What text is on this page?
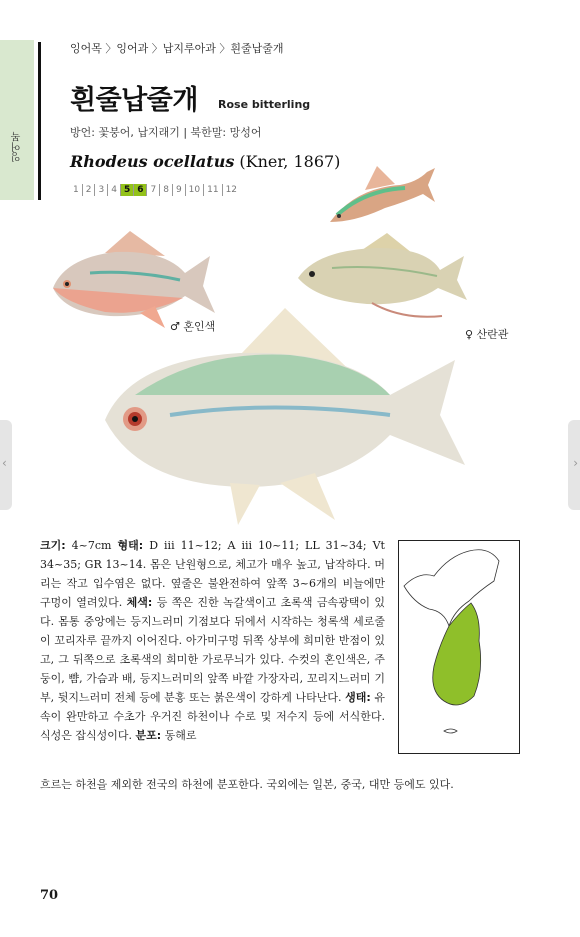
‹	›
잉어목
잉어목 〉잉어과 〉납지루아과 〉흰줄납줄개
흰줄납줄개 Rose bitterling
방언: 꽃붕어, 납지래기 | 북한말: 망성어
Rhodeus ocellatus (Kner, 1867)
1 2 3 4 5 6 7 8 9 10 11 12
♂ 혼인색
♀ 산란관
크기: 4~7cm 형태: D iii 11~12; A iii 10~11; LL 31~34; Vt 34~35; GR 13~14. 몸은 난원형으로, 체고가 매우 높고, 납작하다. 머리는 작고 입수염은 없다. 옆줄은 불완전하여 앞쪽 3~6개의 비늘에만 구멍이 열려있다. 체색: 등 쪽은 진한 녹갈색이고 초록색 금속광택이 있다. 몸통 중앙에는 등지느러미 기점보다 뒤에서 시작하는 청록색 세로줄이 꼬리자루 끝까지 이어진다. 아가미구멍 뒤쪽 상부에 희미한 반점이 있고, 그 뒤쪽으로 초록색의 희미한 가로무늬가 있다. 수컷의 혼인색은, 주둥이, 뺨, 가슴과 배, 등지느러미의 앞쪽 바깥 가장자리, 꼬리지느러미 기부, 뒷지느러미 전체 등에 분홍 또는 붉은색이 강하게 나타난다. 생태: 유속이 완만하고 수초가 우거진 하천이나 수로 및 저수지 등에 서식한다. 식성은 잡식성이다. 분포: 동해로
흐르는 하천을 제외한 전국의 하천에 분포한다. 국외에는 일본, 중국, 대만 등에도 있다.
70
